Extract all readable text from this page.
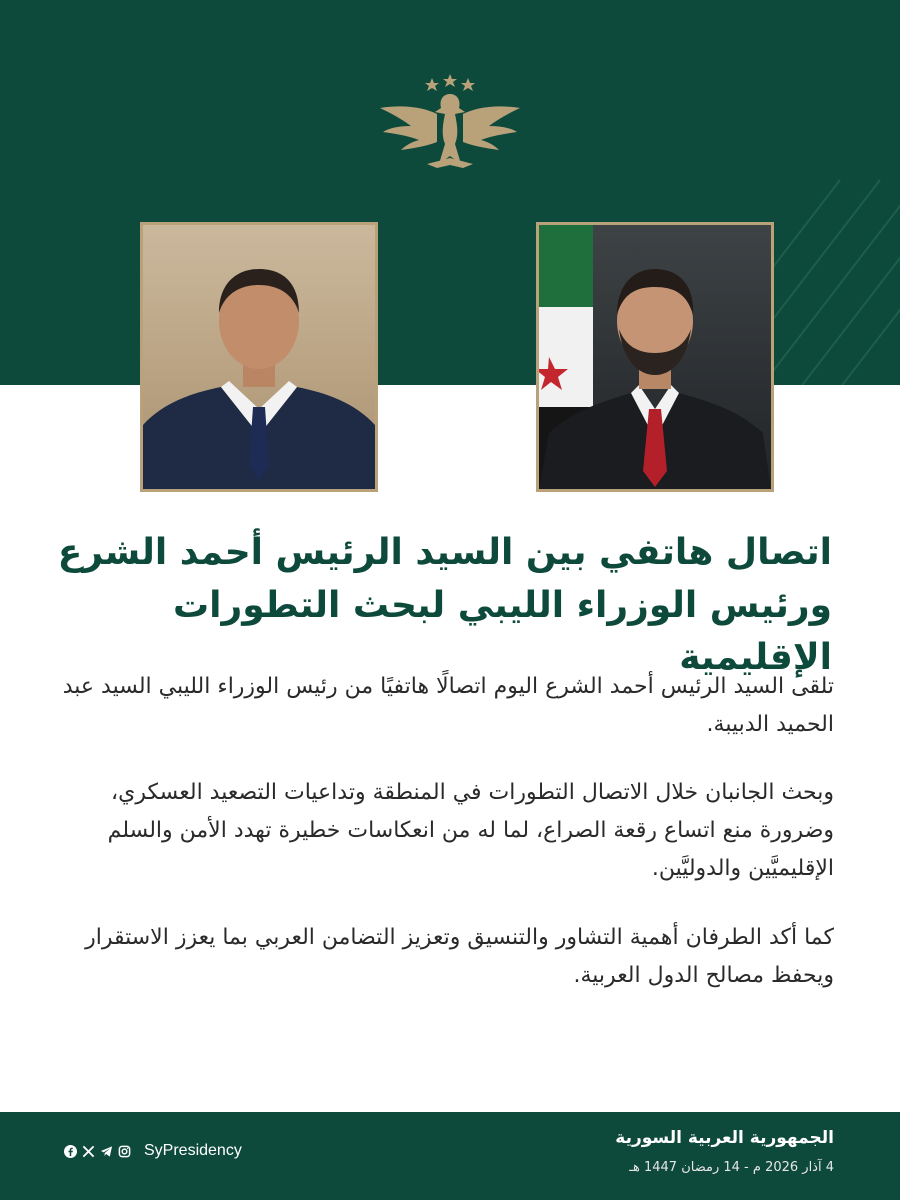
اتصال هاتفي بين السيد الرئيس أحمد الشرع
ورئيس الوزراء الليبي لبحث التطورات الإقليمية

تلقى السيد الرئيس أحمد الشرع اليوم اتصالًا هاتفيًا من رئيس الوزراء الليبي السيد عبد الحميد الدبيبة.

وبحث الجانبان خلال الاتصال التطورات في المنطقة وتداعيات التصعيد العسكري، وضرورة منع اتساع رقعة الصراع، لما له من انعكاسات خطيرة تهدد الأمن والسلم الإقليميَّين والدوليَّين.

كما أكد الطرفان أهمية التشاور والتنسيق وتعزيز التضامن العربي بما يعزز الاستقرار ويحفظ مصالح الدول العربية.

الجمهورية العربية السورية
4 آذار 2026 م - 14 رمضان 1447 هـ
SyPresidency
